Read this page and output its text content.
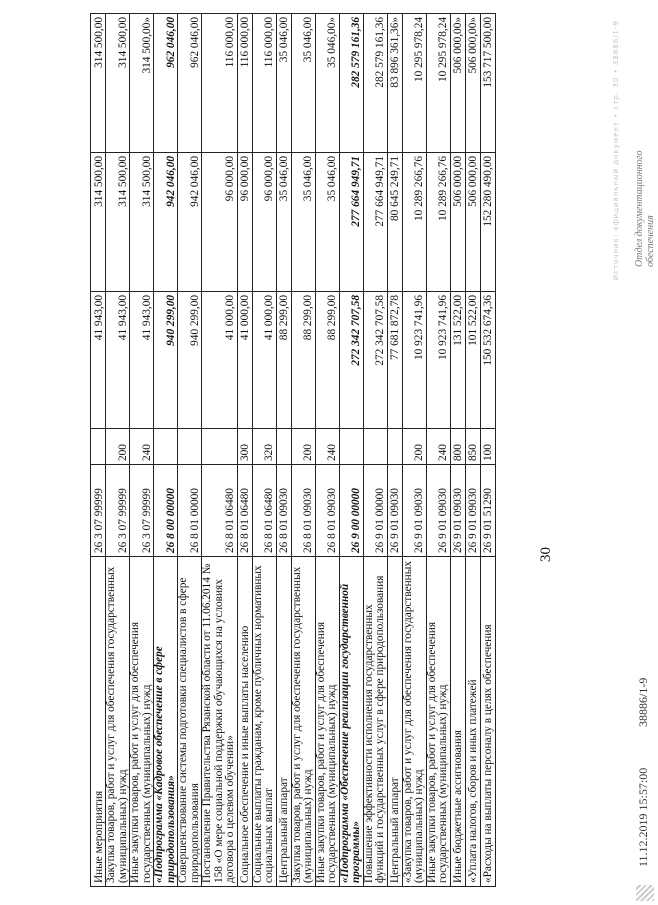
Источник: официальный документ • стр. 30 • 38886/1-9
Иные мероприятия	26 3 07 99999		41 943,00	314 500,00	314 500,00
Закупка товаров, работ и услуг для обеспечения государственных (муниципальных) нужд	26 3 07 99999	200	41 943,00	314 500,00	314 500,00
Иные закупки товаров, работ и услуг для обеспечения государственных (муниципальных) нужд	26 3 07 99999	240	41 943,00	314 500,00	314 500,00»
«Подпрограмма «Кадровое обеспечение в сфере природопользования»	26 8 00 00000		940 299,00	942 046,00	962 046,00
Совершенствование системы подготовки специалистов в сфере природопользования	26 8 01 00000		940 299,00	942 046,00	962 046,00
Постановление Правительства Рязанской области от 11.06.2014 № 158 «О мере социальной поддержки обучающихся на условиях договора о целевом обучении»	26 8 01 06480		41 000,00	96 000,00	116 000,00
Социальное обеспечение и иные выплаты населению	26 8 01 06480	300	41 000,00	96 000,00	116 000,00
Социальные выплаты гражданам, кроме публичных нормативных социальных выплат	26 8 01 06480	320	41 000,00	96 000,00	116 000,00
Центральный аппарат	26 8 01 09030		88 299,00	35 046,00	35 046,00
Закупка товаров, работ и услуг для обеспечения государственных (муниципальных) нужд	26 8 01 09030	200	88 299,00	35 046,00	35 046,00
Иные закупки товаров, работ и услуг для обеспечения государственных (муниципальных) нужд	26 8 01 09030	240	88 299,00	35 046,00	35 046,00»
«Подпрограмма «Обеспечение реализации государственной программы»	26 9 00 00000		272 342 707,58	277 664 949,71	282 579 161,36
Повышение эффективности исполнения государственных функций и государственных услуг в сфере природопользования	26 9 01 00000		272 342 707,58	277 664 949,71	282 579 161,36
Центральный аппарат	26 9 01 09030		77 681 872,78	80 645 249,71	83 896 361,36»
«Закупка товаров, работ и услуг для обеспечения государственных (муниципальных) нужд	26 9 01 09030	200	10 923 741,96	10 289 266,76	10 295 978,24
Иные закупки товаров, работ и услуг для обеспечения государственных (муниципальных) нужд	26 9 01 09030	240	10 923 741,96	10 289 266,76	10 295 978,24
Иные бюджетные ассигнования	26 9 01 09030	800	131 522,00	506 000,00	506 000,00»
«Уплата налогов, сборов и иных платежей	26 9 01 09030	850	101 522,00	506 000,00	506 000,00»
«Расходы на выплаты персоналу в целях обеспечения	26 9 01 51290	100	150 532 674,36	152 280 490,00	153 717 500,00
30
11.12.2019 15:57:00
38886/1-9
Отдел документационного обеспечения
